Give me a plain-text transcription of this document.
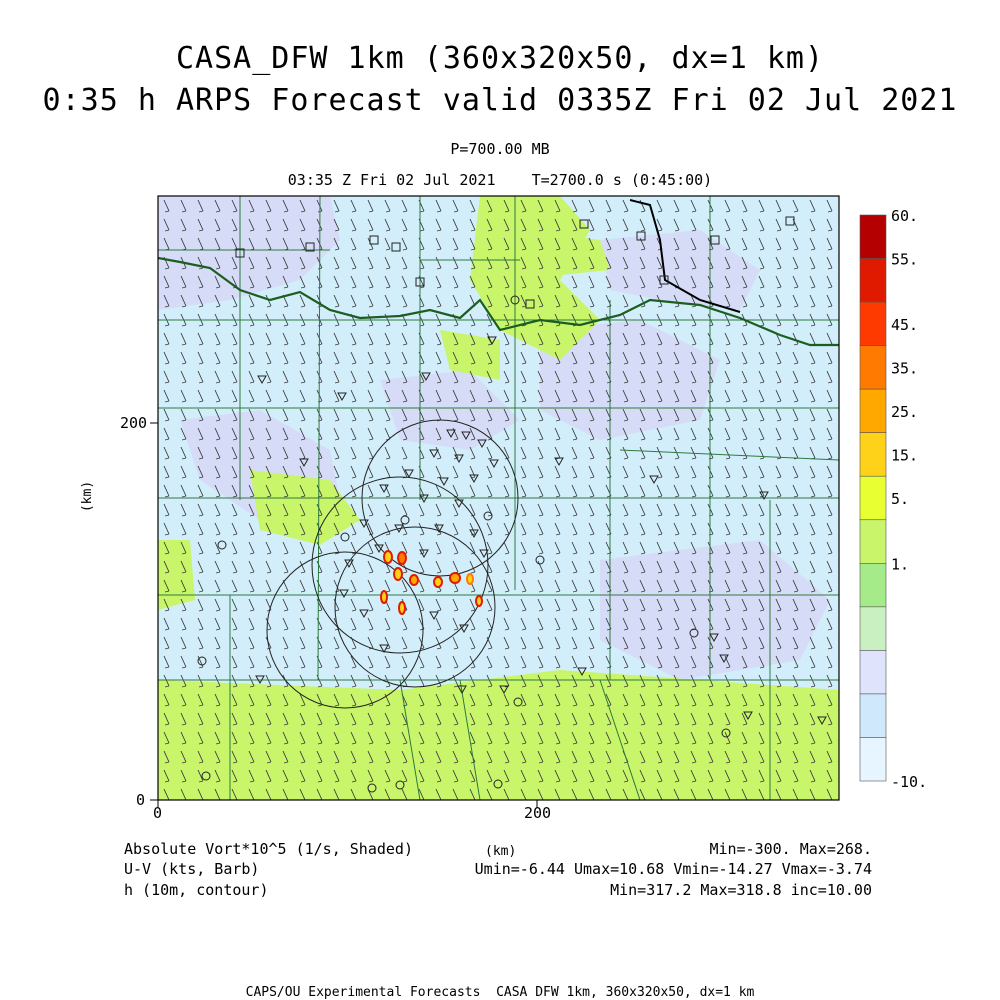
CASA_DFW 1km (360x320x50, dx=1 km)
0:35 h ARPS Forecast valid 0335Z Fri 02 Jul 2021
P=700.00 MB
03:35 Z Fri 02 Jul 2021    T=2700.0 s (0:45:00)
60.
55.
45.
35.
25.
15.
5.
1.
-10.
0	200
0
200
(km)
(km)
Absolute Vort*10^5 (1/s, Shaded)	Min=-300. Max=268.
U-V (kts, Barb)	Umin=-6.44 Umax=10.68 Vmin=-14.27 Vmax=-3.74
h (10m, contour)	Min=317.2 Max=318.8 inc=10.00
CAPS/OU Experimental Forecasts  CASA DFW 1km, 360x320x50, dx=1 km
